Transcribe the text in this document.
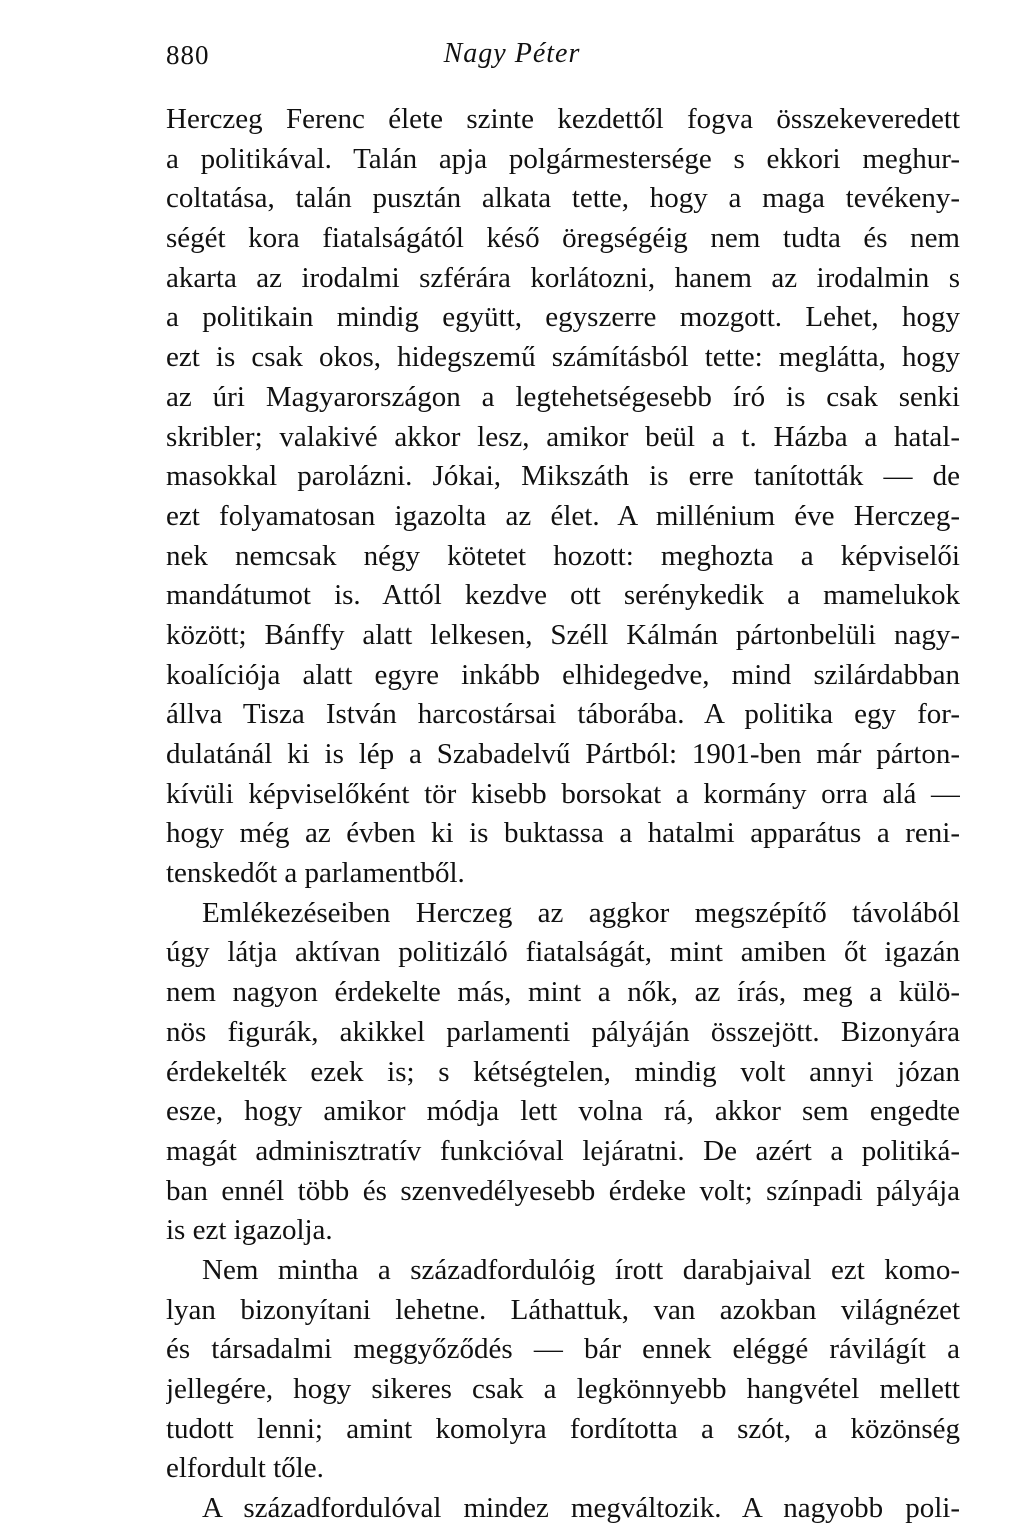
880	Nagy Péter
Herczeg Ferenc élete szinte kezdettől fogva összekeveredett
a politikával. Talán apja polgármestersége s ekkori meghur-
coltatása, talán pusztán alkata tette, hogy a maga tevékeny-
ségét kora fiatalságától késő öregségéig nem tudta és nem
akarta az irodalmi szférára korlátozni, hanem az irodalmin s
a politikain mindig együtt, egyszerre mozgott. Lehet, hogy
ezt is csak okos, hidegszemű számításból tette: meglátta, hogy
az úri Magyarországon a legtehetségesebb író is csak senki
skribler; valakivé akkor lesz, amikor beül a t. Házba a hatal-
masokkal parolázni. Jókai, Mikszáth is erre tanították — de
ezt folyamatosan igazolta az élet. A millénium éve Herczeg-
nek nemcsak négy kötetet hozott: meghozta a képviselői
mandátumot is. Attól kezdve ott serénykedik a mamelukok
között; Bánffy alatt lelkesen, Széll Kálmán pártonbelüli nagy-
koalíciója alatt egyre inkább elhidegedve, mind szilárdabban
állva Tisza István harcostársai táborába. A politika egy for-
dulatánál ki is lép a Szabadelvű Pártból: 1901-ben már párton-
kívüli képviselőként tör kisebb borsokat a kormány orra alá —
hogy még az évben ki is buktassa a hatalmi apparátus a reni-
tenskedőt a parlamentből.
Emlékezéseiben Herczeg az aggkor megszépítő távolából
úgy látja aktívan politizáló fiatalságát, mint amiben őt igazán
nem nagyon érdekelte más, mint a nők, az írás, meg a külö-
nös figurák, akikkel parlamenti pályáján összejött. Bizonyára
érdekelték ezek is; s kétségtelen, mindig volt annyi józan
esze, hogy amikor módja lett volna rá, akkor sem engedte
magát adminisztratív funkcióval lejáratni. De azért a politiká-
ban ennél több és szenvedélyesebb érdeke volt; színpadi pályája
is ezt igazolja.
Nem mintha a századfordulóig írott darabjaival ezt komo-
lyan bizonyítani lehetne. Láthattuk, van azokban világnézet
és társadalmi meggyőződés — bár ennek eléggé rávilágít a
jellegére, hogy sikeres csak a legkönnyebb hangvétel mellett
tudott lenni; amint komolyra fordította a szót, a közönség
elfordult tőle.
A századfordulóval mindez megváltozik. A nagyobb poli-
